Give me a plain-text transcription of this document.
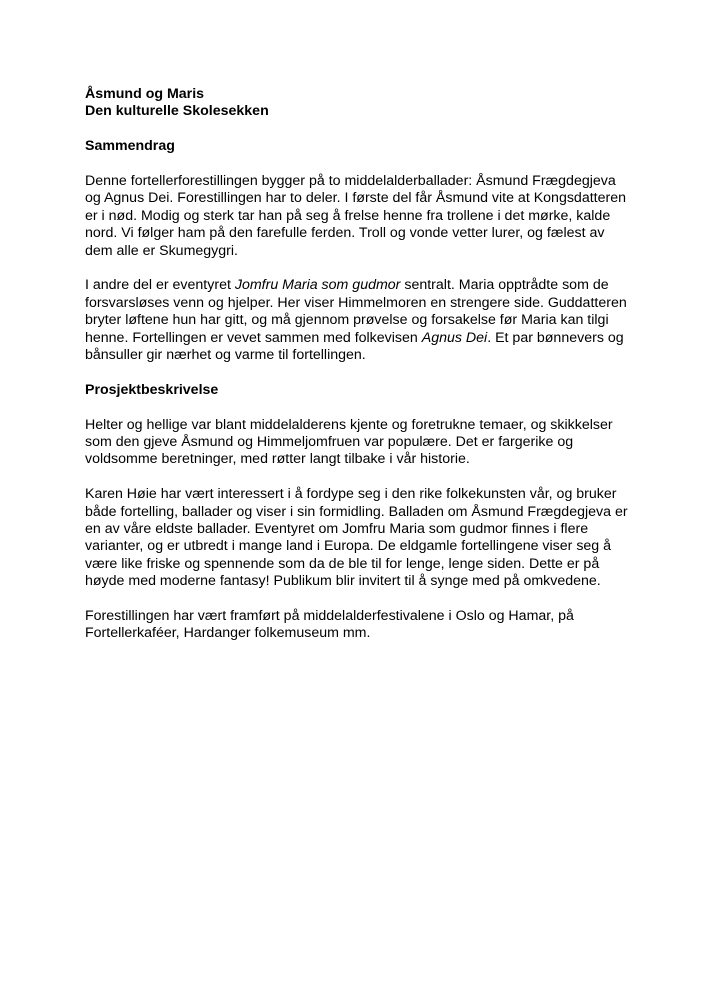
Åsmund og Maris
Den kulturelle Skolesekken

Sammendrag

Denne fortellerforestillingen bygger på to middelalderballader: Åsmund Frægdegjeva og Agnus Dei. Forestillingen har to deler. I første del får Åsmund vite at Kongsdatteren er i nød. Modig og sterk tar han på seg å frelse henne fra trollene i det mørke, kalde nord. Vi følger ham på den farefulle ferden. Troll og vonde vetter lurer, og fælest av dem alle er Skumegygri.

I andre del er eventyret Jomfru Maria som gudmor sentralt. Maria opptrådte som de forsvarsløses venn og hjelper. Her viser Himmelmoren en strengere side. Guddatteren bryter løftene hun har gitt, og må gjennom prøvelse og forsakelse før Maria kan tilgi henne. Fortellingen er vevet sammen med folkevisen Agnus Dei. Et par bønnevers og bånsuller gir nærhet og varme til fortellingen.

Prosjektbeskrivelse

Helter og hellige var blant middelalderens kjente og foretrukne temaer, og skikkelser som den gjeve Åsmund og Himmeljomfruen var populære. Det er fargerike og voldsomme beretninger, med røtter langt tilbake i vår historie.

Karen Høie har vært interessert i å fordype seg i den rike folkekunsten vår, og bruker både fortelling, ballader og viser i sin formidling. Balladen om Åsmund Frægdegjeva er en av våre eldste ballader. Eventyret om Jomfru Maria som gudmor finnes i flere varianter, og er utbredt i mange land i Europa. De eldgamle fortellingene viser seg å være like friske og spennende som da de ble til for lenge, lenge siden. Dette er på høyde med moderne fantasy! Publikum blir invitert til å synge med på omkvedene.

Forestillingen har vært framført på middelalderfestivalene i Oslo og Hamar, på Fortellerkaféer, Hardanger folkemuseum mm.
